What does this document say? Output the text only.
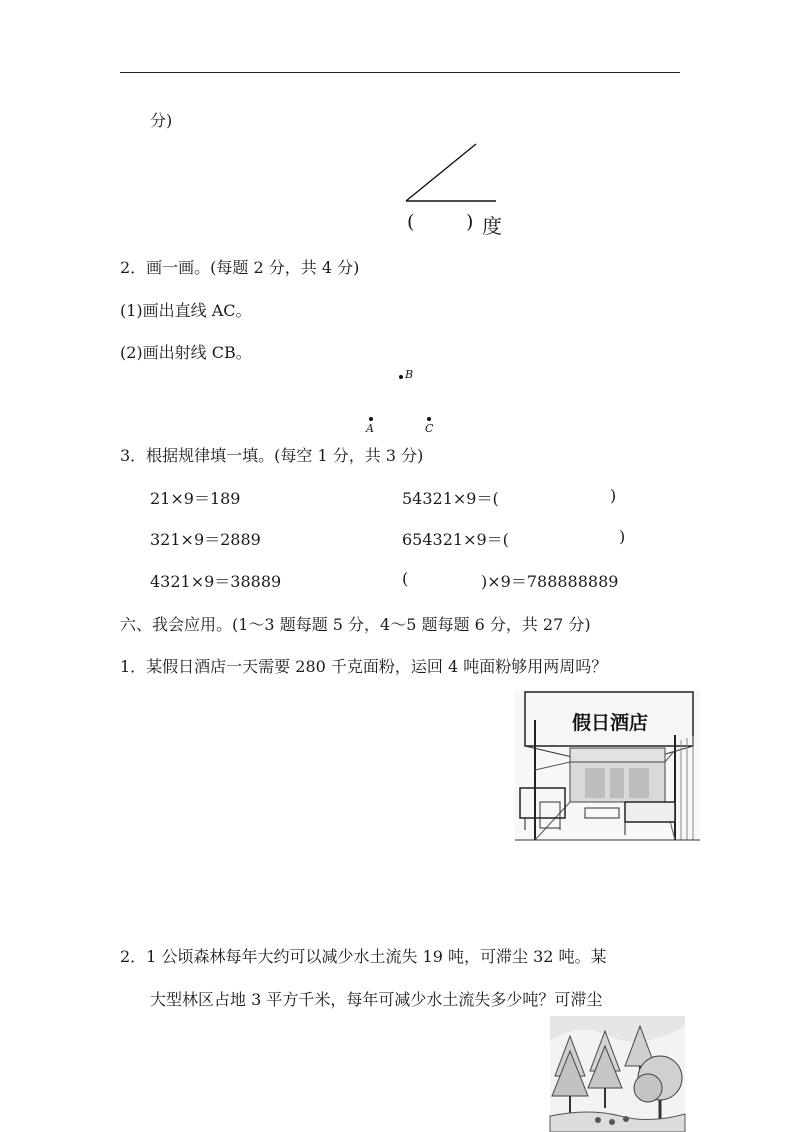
分)
(	) 度
2．画一画。(每题 2 分，共 4 分)
(1)画出直线 AC。
(2)画出射线 CB。
B
A	C
3．根据规律填一填。(每空 1 分，共 3 分)
21×9＝189	54321×9＝(	)
321×9＝2889	654321×9＝(	)
4321×9＝38889	(	)×9＝788888889
六、我会应用。(1～3 题每题 5 分，4～5 题每题 6 分，共 27 分)
1．某假日酒店一天需要 280 千克面粉，运回 4 吨面粉够用两周吗？
假日酒店
2．1 公顷森林每年大约可以减少水土流失 19 吨，可滞尘 32 吨。某
大型林区占地 3 平方千米，每年可减少水土流失多少吨？可滞尘
